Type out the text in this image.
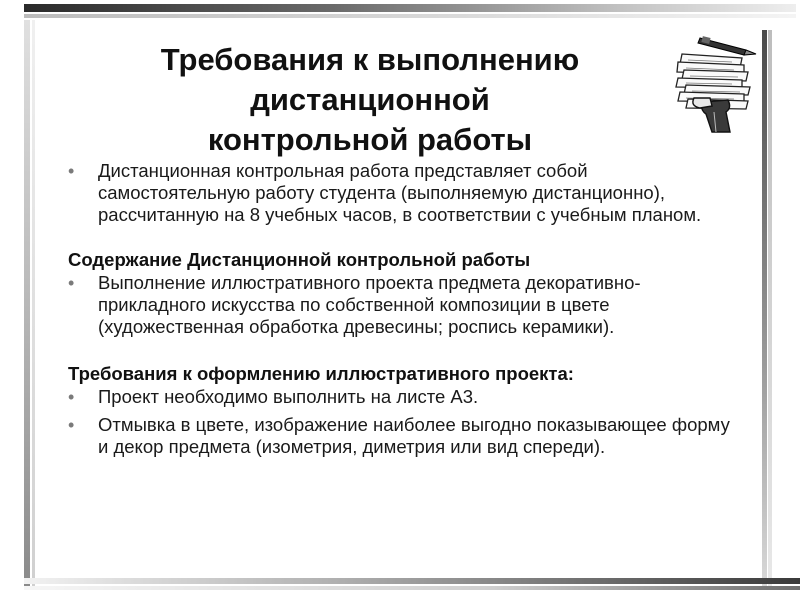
Требования к выполнению
дистанционной
контрольной работы
• Дистанционная контрольная работа представляет собой самостоятельную работу студента (выполняемую дистанционно), рассчитанную на 8 учебных часов, в соответствии с учебным планом.
Содержание Дистанционной контрольной работы
• Выполнение иллюстративного проекта предмета декоративно-прикладного искусства по собственной композиции в цвете (художественная обработка древесины; роспись керамики).
Требования к оформлению иллюстративного проекта:
• Проект необходимо выполнить на листе А3.
• Отмывка в цвете, изображение наиболее выгодно показывающее форму и декор предмета (изометрия, диметрия или вид спереди).
